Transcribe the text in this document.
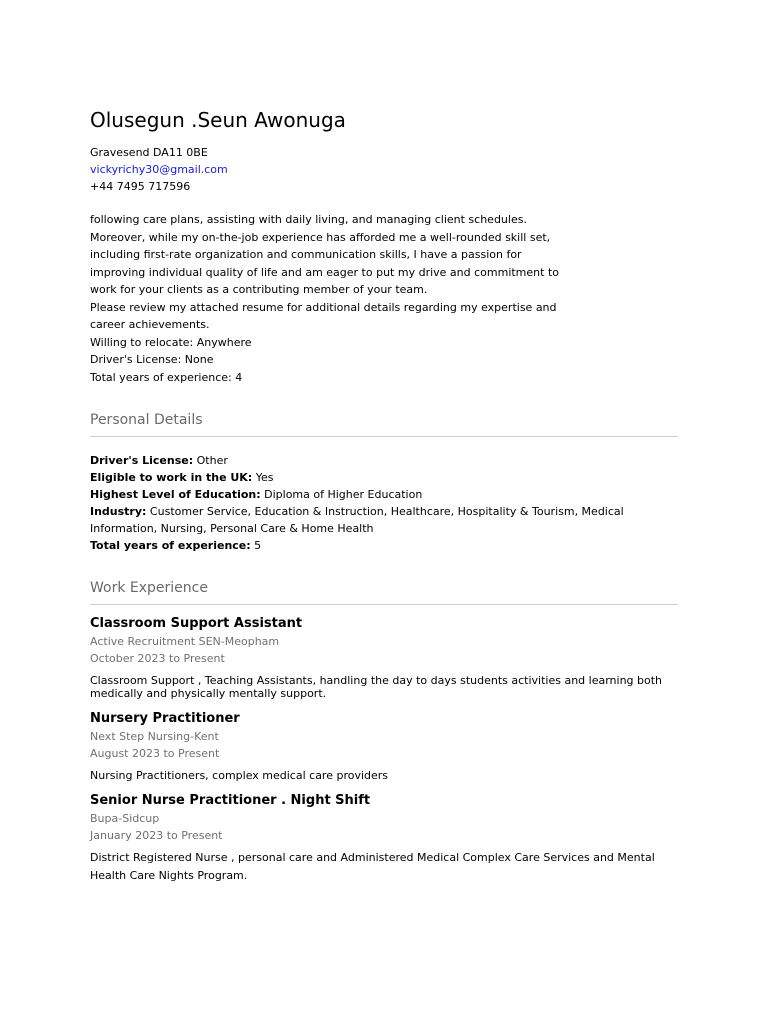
Olusegun .Seun Awonuga
Gravesend DA11 0BE
vickyrichy30@gmail.com
+44 7495 717596
following care plans, assisting with daily living, and managing client schedules.
Moreover, while my on-the-job experience has afforded me a well-rounded skill set,
including first-rate organization and communication skills, I have a passion for
improving individual quality of life and am eager to put my drive and commitment to
work for your clients as a contributing member of your team.
Please review my attached resume for additional details regarding my expertise and
career achievements.
Willing to relocate: Anywhere
Driver's License: None
Total years of experience: 4
Personal Details
Driver's License: Other
Eligible to work in the UK: Yes
Highest Level of Education: Diploma of Higher Education
Industry: Customer Service, Education & Instruction, Healthcare, Hospitality & Tourism, Medical
Information, Nursing, Personal Care & Home Health
Total years of experience: 5
Work Experience
Classroom Support Assistant
Active Recruitment SEN-Meopham
October 2023 to Present
Classroom Support , Teaching Assistants, handling the day to days students activities and learning both medically and physically mentally support.
Nursery Practitioner
Next Step Nursing-Kent
August 2023 to Present
Nursing Practitioners, complex medical care providers
Senior Nurse Practitioner . Night Shift
Bupa-Sidcup
January 2023 to Present
District Registered Nurse , personal care and Administered Medical Complex Care Services and Mental Health Care Nights Program.
